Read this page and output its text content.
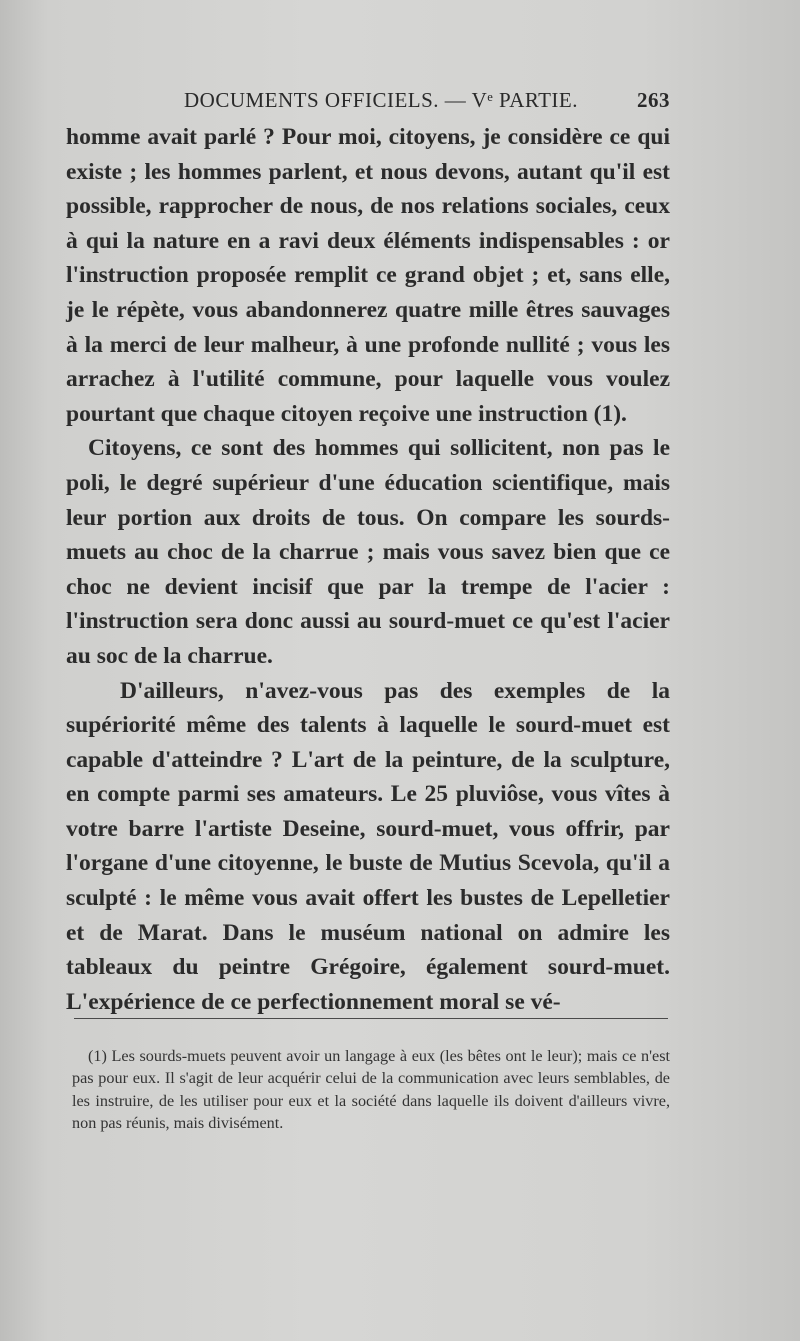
DOCUMENTS OFFICIELS. — Vᵉ PARTIE.	263

homme avait parlé ? Pour moi, citoyens, je considère ce qui existe ; les hommes parlent, et nous devons, autant qu'il est possible, rapprocher de nous, de nos relations sociales, ceux à qui la nature en a ravi deux éléments indispensables : or l'instruction proposée remplit ce grand objet ; et, sans elle, je le répète, vous abandonnerez quatre mille êtres sauvages à la merci de leur malheur, à une profonde nullité ; vous les arrachez à l'utilité commune, pour laquelle vous voulez pourtant que chaque citoyen reçoive une instruction (1).

Citoyens, ce sont des hommes qui sollicitent, non pas le poli, le degré supérieur d'une éducation scientifique, mais leur portion aux droits de tous. On compare les sourds-muets au choc de la charrue ; mais vous savez bien que ce choc ne devient incisif que par la trempe de l'acier : l'instruction sera donc aussi au sourd-muet ce qu'est l'acier au soc de la charrue.

D'ailleurs, n'avez-vous pas des exemples de la supériorité même des talents à laquelle le sourd-muet est capable d'atteindre ? L'art de la peinture, de la sculpture, en compte parmi ses amateurs. Le 25 pluviôse, vous vîtes à votre barre l'artiste Deseine, sourd-muet, vous offrir, par l'organe d'une citoyenne, le buste de Mutius Scevola, qu'il a sculpté : le même vous avait offert les bustes de Lepelletier et de Marat. Dans le muséum national on admire les tableaux du peintre Grégoire, également sourd-muet. L'expérience de ce perfectionnement moral se vé-

(1) Les sourds-muets peuvent avoir un langage à eux (les bêtes ont le leur); mais ce n'est pas pour eux. Il s'agit de leur acquérir celui de la communication avec leurs semblables, de les instruire, de les utiliser pour eux et la société dans laquelle ils doivent d'ailleurs vivre, non pas réunis, mais divisément.
